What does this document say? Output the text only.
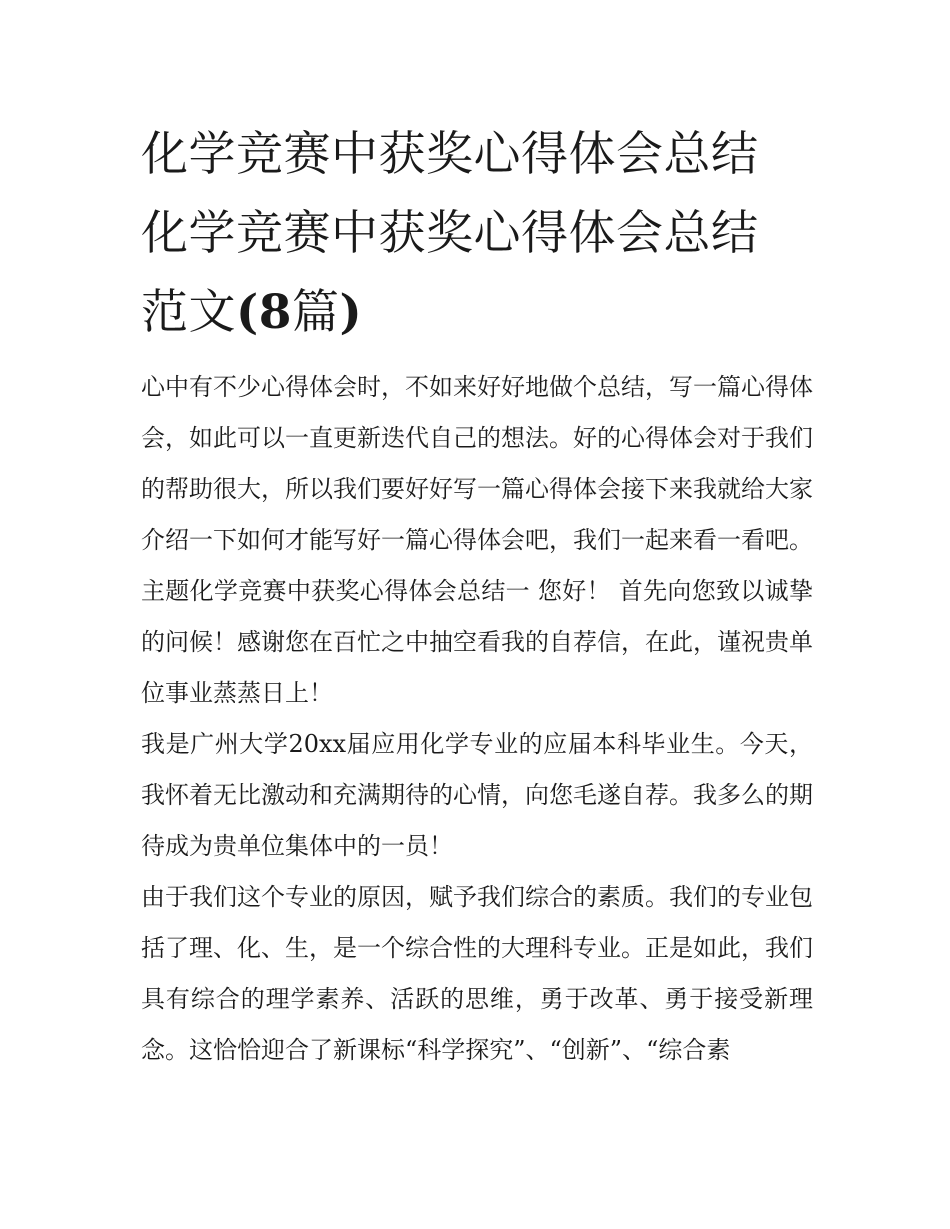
化学竞赛中获奖心得体会总结
化学竞赛中获奖心得体会总结
范文(8篇)

心中有不少心得体会时，不如来好好地做个总结，写一篇心得体会，如此可以一直更新迭代自己的想法。好的心得体会对于我们的帮助很大，所以我们要好好写一篇心得体会接下来我就给大家介绍一下如何才能写好一篇心得体会吧，我们一起来看一看吧。

主题化学竞赛中获奖心得体会总结一 您好！ 首先向您致以诚挚的问候！感谢您在百忙之中抽空看我的自荐信，在此，谨祝贵单位事业蒸蒸日上！

我是广州大学20xx届应用化学专业的应届本科毕业生。今天，我怀着无比激动和充满期待的心情，向您毛遂自荐。我多么的期待成为贵单位集体中的一员！

由于我们这个专业的原因，赋予我们综合的素质。我们的专业包括了理、化、生，是一个综合性的大理科专业。正是如此，我们具有综合的理学素养、活跃的思维，勇于改革、勇于接受新理念。这恰恰迎合了新课标“科学探究”、“创新”、“综合素
